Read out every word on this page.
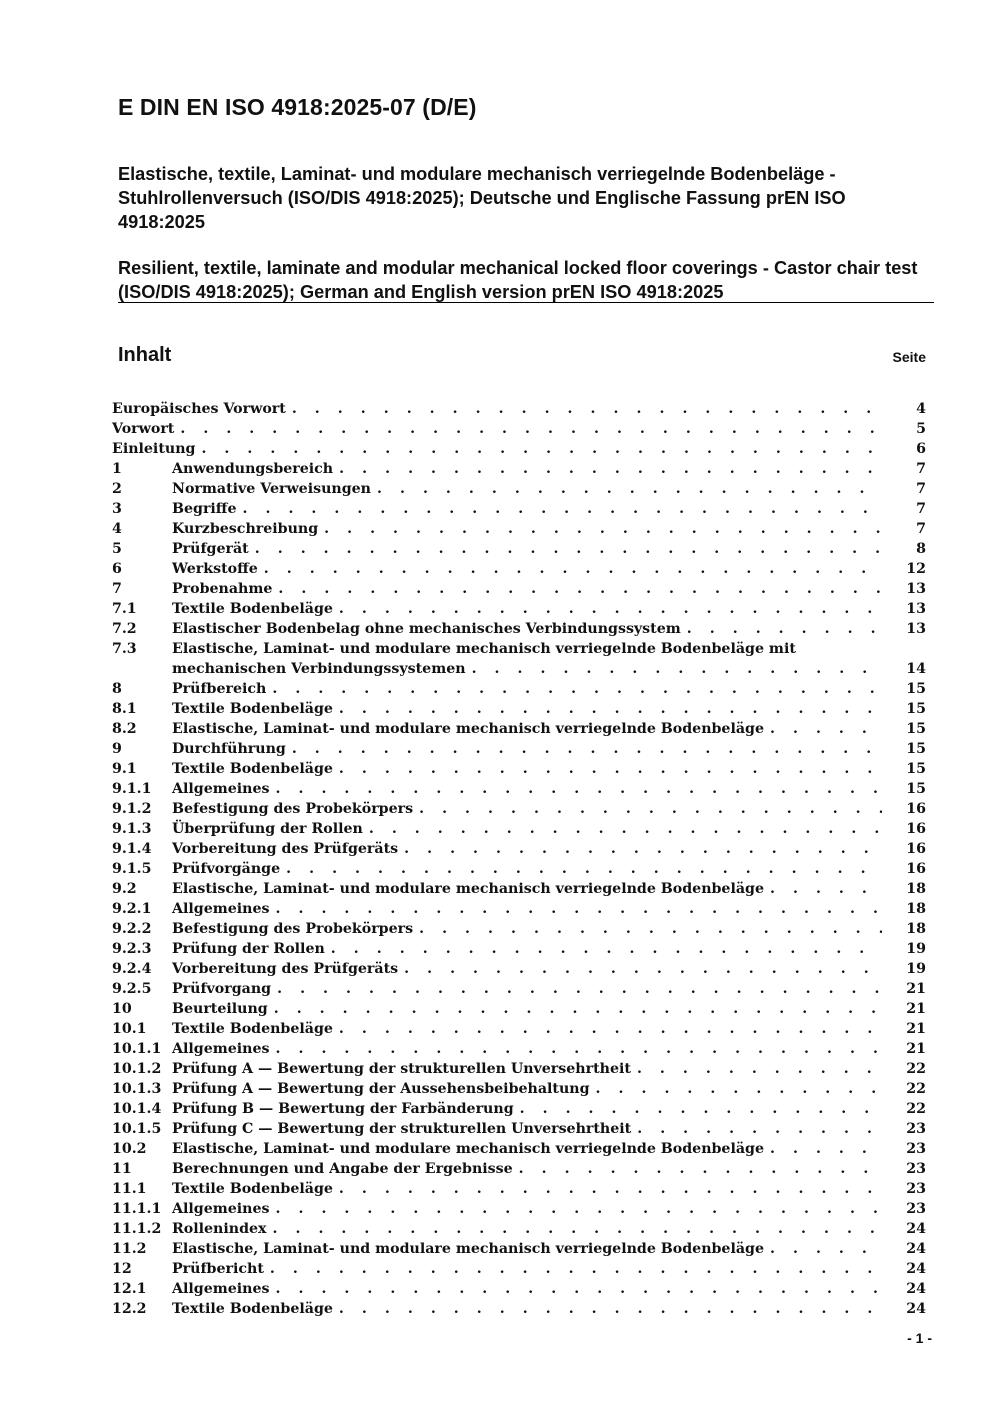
E DIN EN ISO 4918:2025-07 (D/E)

Elastische, textile, Laminat- und modulare mechanisch verriegelnde Bodenbeläge - Stuhlrollenversuch (ISO/DIS 4918:2025); Deutsche und Englische Fassung prEN ISO 4918:2025

Resilient, textile, laminate and modular mechanical locked floor coverings - Castor chair test (ISO/DIS 4918:2025); German and English version prEN ISO 4918:2025

Inhalt	Seite
Europäisches Vorwort . . .	4
Vorwort . . .	5
Einleitung . . .	6
1	Anwendungsbereich . . .	7
2	Normative Verweisungen . . .	7
3	Begriffe . . .	7
4	Kurzbeschreibung . . .	7
5	Prüfgerät . . .	8
6	Werkstoffe . . .	12
7	Probenahme . . .	13
7.1	Textile Bodenbeläge . . .	13
7.2	Elastischer Bodenbelag ohne mechanisches Verbindungssystem . . .	13
7.3	Elastische, Laminat- und modulare mechanisch verriegelnde Bodenbeläge mit
mechanischen Verbindungssystemen . . .	14
8	Prüfbereich . . .	15
8.1	Textile Bodenbeläge . . .	15
8.2	Elastische, Laminat- und modulare mechanisch verriegelnde Bodenbeläge . . .	15
9	Durchführung . . .	15
9.1	Textile Bodenbeläge . . .	15
9.1.1	Allgemeines . . .	15
9.1.2	Befestigung des Probekörpers . . .	16
9.1.3	Überprüfung der Rollen . . .	16
9.1.4	Vorbereitung des Prüfgeräts . . .	16
9.1.5	Prüfvorgänge . . .	16
9.2	Elastische, Laminat- und modulare mechanisch verriegelnde Bodenbeläge . . .	18
9.2.1	Allgemeines . . .	18
9.2.2	Befestigung des Probekörpers . . .	18
9.2.3	Prüfung der Rollen . . .	19
9.2.4	Vorbereitung des Prüfgeräts . . .	19
9.2.5	Prüfvorgang . . .	21
10	Beurteilung . . .	21
10.1	Textile Bodenbeläge . . .	21
10.1.1 Allgemeines . . .	21
10.1.2 Prüfung A — Bewertung der strukturellen Unversehrtheit . . .	22
10.1.3 Prüfung A — Bewertung der Aussehensbeibehaltung . . .	22
10.1.4 Prüfung B — Bewertung der Farbänderung . . .	22
10.1.5 Prüfung C — Bewertung der strukturellen Unversehrtheit . . .	23
10.2	Elastische, Laminat- und modulare mechanisch verriegelnde Bodenbeläge . . .	23
11	Berechnungen und Angabe der Ergebnisse . . .	23
11.1	Textile Bodenbeläge . . .	23
11.1.1 Allgemeines . . .	23
11.1.2 Rollenindex . . .	24
11.2	Elastische, Laminat- und modulare mechanisch verriegelnde Bodenbeläge . . .	24
12	Prüfbericht . . .	24
12.1	Allgemeines . . .	24
12.2	Textile Bodenbeläge . . .	24
- 1 -
